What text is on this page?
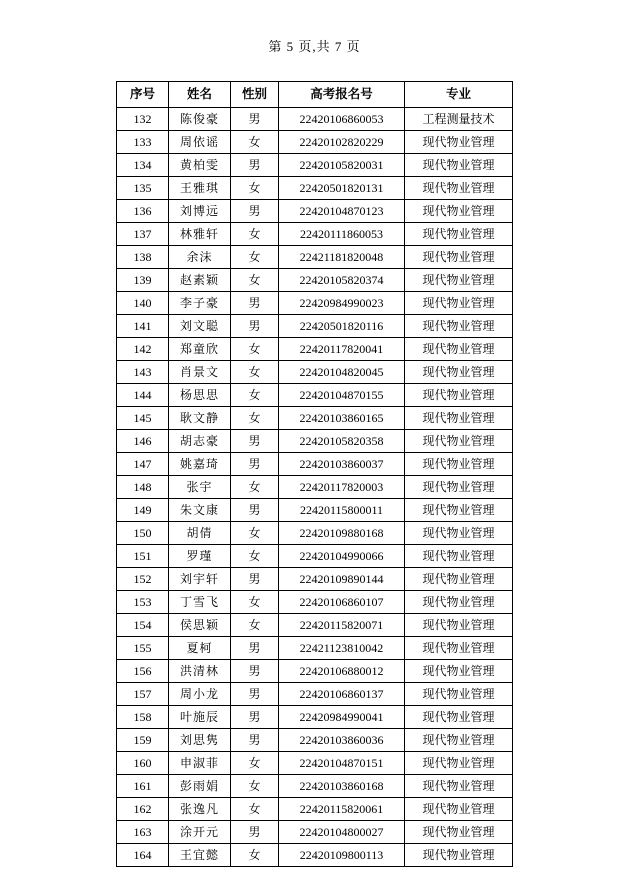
第 5 页,共 7 页
序号	姓名	性别	高考报名号	专业
132	陈俊豪	男	22420106860053	工程测量技术
133	周依谣	女	22420102820229	现代物业管理
134	黄柏雯	男	22420105820031	现代物业管理
135	王雅琪	女	22420501820131	现代物业管理
136	刘博远	男	22420104870123	现代物业管理
137	林雅轩	女	22420111860053	现代物业管理
138	余沫	女	22421181820048	现代物业管理
139	赵素颖	女	22420105820374	现代物业管理
140	李子豪	男	22420984990023	现代物业管理
141	刘文聪	男	22420501820116	现代物业管理
142	郑童欣	女	22420117820041	现代物业管理
143	肖景文	女	22420104820045	现代物业管理
144	杨思思	女	22420104870155	现代物业管理
145	耿文静	女	22420103860165	现代物业管理
146	胡志豪	男	22420105820358	现代物业管理
147	姚嘉琦	男	22420103860037	现代物业管理
148	张宇	女	22420117820003	现代物业管理
149	朱文康	男	22420115800011	现代物业管理
150	胡倩	女	22420109880168	现代物业管理
151	罗瑾	女	22420104990066	现代物业管理
152	刘宇轩	男	22420109890144	现代物业管理
153	丁雪飞	女	22420106860107	现代物业管理
154	侯思颖	女	22420115820071	现代物业管理
155	夏柯	男	22421123810042	现代物业管理
156	洪清林	男	22420106880012	现代物业管理
157	周小龙	男	22420106860137	现代物业管理
158	叶施辰	男	22420984990041	现代物业管理
159	刘思隽	男	22420103860036	现代物业管理
160	申淑菲	女	22420104870151	现代物业管理
161	彭雨娟	女	22420103860168	现代物业管理
162	张逸凡	女	22420115820061	现代物业管理
163	涂开元	男	22420104800027	现代物业管理
164	王宜懿	女	22420109800113	现代物业管理
